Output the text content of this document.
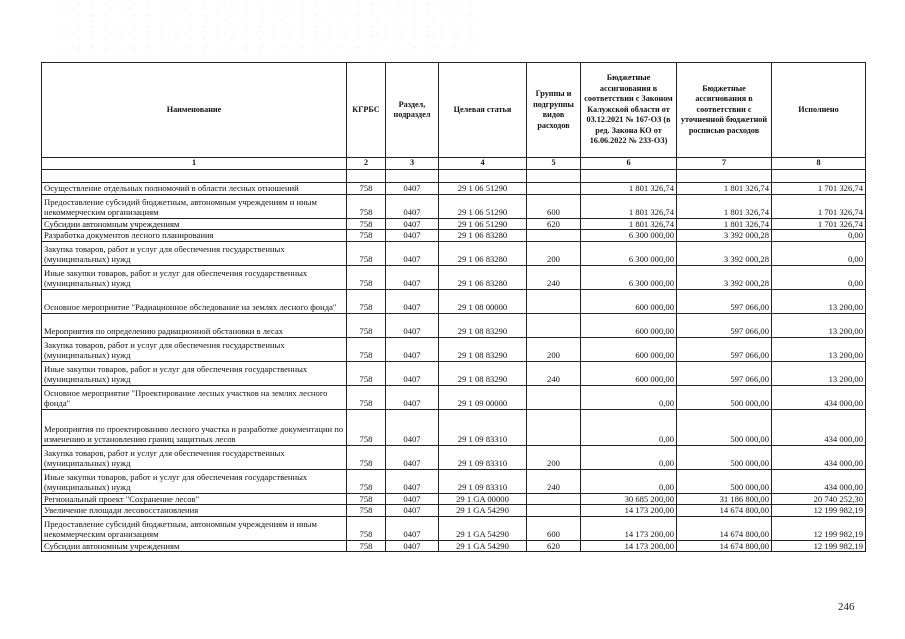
Наименование	КГРБС	Раздел, подраздел	Целевая статья	Группы и подгруппы видов расходов	Бюджетные ассигнования в соответствии с Законом Калужской области от 03.12.2021 № 167-ОЗ (в ред. Закона КО от 16.06.2022 № 233-ОЗ)	Бюджетные ассигнования в соответствии с уточненной бюджетной росписью расходов	Исполнено
1	2	3	4	5	6	7	8

Осуществление отдельных полномочий в области лесных отношений	758	0407	29 1 06 51290		1 801 326,74	1 801 326,74	1 701 326,74
Предоставление субсидий бюджетным, автономным учреждениям и иным некоммерческим организациям	758	0407	29 1 06 51290	600	1 801 326,74	1 801 326,74	1 701 326,74
Субсидии автономным учреждениям	758	0407	29 1 06 51290	620	1 801 326,74	1 801 326,74	1 701 326,74
Разработка документов лесного планирования	758	0407	29 1 06 83280		6 300 000,00	3 392 000,28	0,00
Закупка товаров, работ и услуг для обеспечения государственных (муниципальных) нужд	758	0407	29 1 06 83280	200	6 300 000,00	3 392 000,28	0,00
Иные закупки товаров, работ и услуг для обеспечения государственных (муниципальных) нужд	758	0407	29 1 06 83280	240	6 300 000,00	3 392 000,28	0,00
Основное мероприятие "Радиационное обследование на землях лесного фонда"	758	0407	29 1 08 00000		600 000,00	597 066,00	13 200,00
Мероприятия по определению радиационной обстановки в лесах	758	0407	29 1 08 83290		600 000,00	597 066,00	13 200,00
Закупка товаров, работ и услуг для обеспечения государственных (муниципальных) нужд	758	0407	29 1 08 83290	200	600 000,00	597 066,00	13 200,00
Иные закупки товаров, работ и услуг для обеспечения государственных (муниципальных) нужд	758	0407	29 1 08 83290	240	600 000,00	597 066,00	13 200,00
Основное мероприятие "Проектирование лесных участков на землях лесного фонда"	758	0407	29 1 09 00000		0,00	500 000,00	434 000,00
Мероприятия по проектированию лесного участка и разработке документации по изменению и установлению границ защитных лесов	758	0407	29 1 09 83310		0,00	500 000,00	434 000,00
Закупка товаров, работ и услуг для обеспечения государственных (муниципальных) нужд	758	0407	29 1 09 83310	200	0,00	500 000,00	434 000,00
Иные закупки товаров, работ и услуг для обеспечения государственных (муниципальных) нужд	758	0407	29 1 09 83310	240	0,00	500 000,00	434 000,00
Региональный проект "Сохранение лесов"	758	0407	29 1 GA 00000		30 685 200,00	31 186 800,00	20 740 252,30
Увеличение площади лесовосстановления	758	0407	29 1 GA 54290		14 173 200,00	14 674 800,00	12 199 982,19
Предоставление субсидий бюджетным, автономным учреждениям и иным некоммерческим организациям	758	0407	29 1 GA 54290	600	14 173 200,00	14 674 800,00	12 199 982,19
Субсидии автономным учреждениям	758	0407	29 1 GA 54290	620	14 173 200,00	14 674 800,00	12 199 982,19
246
